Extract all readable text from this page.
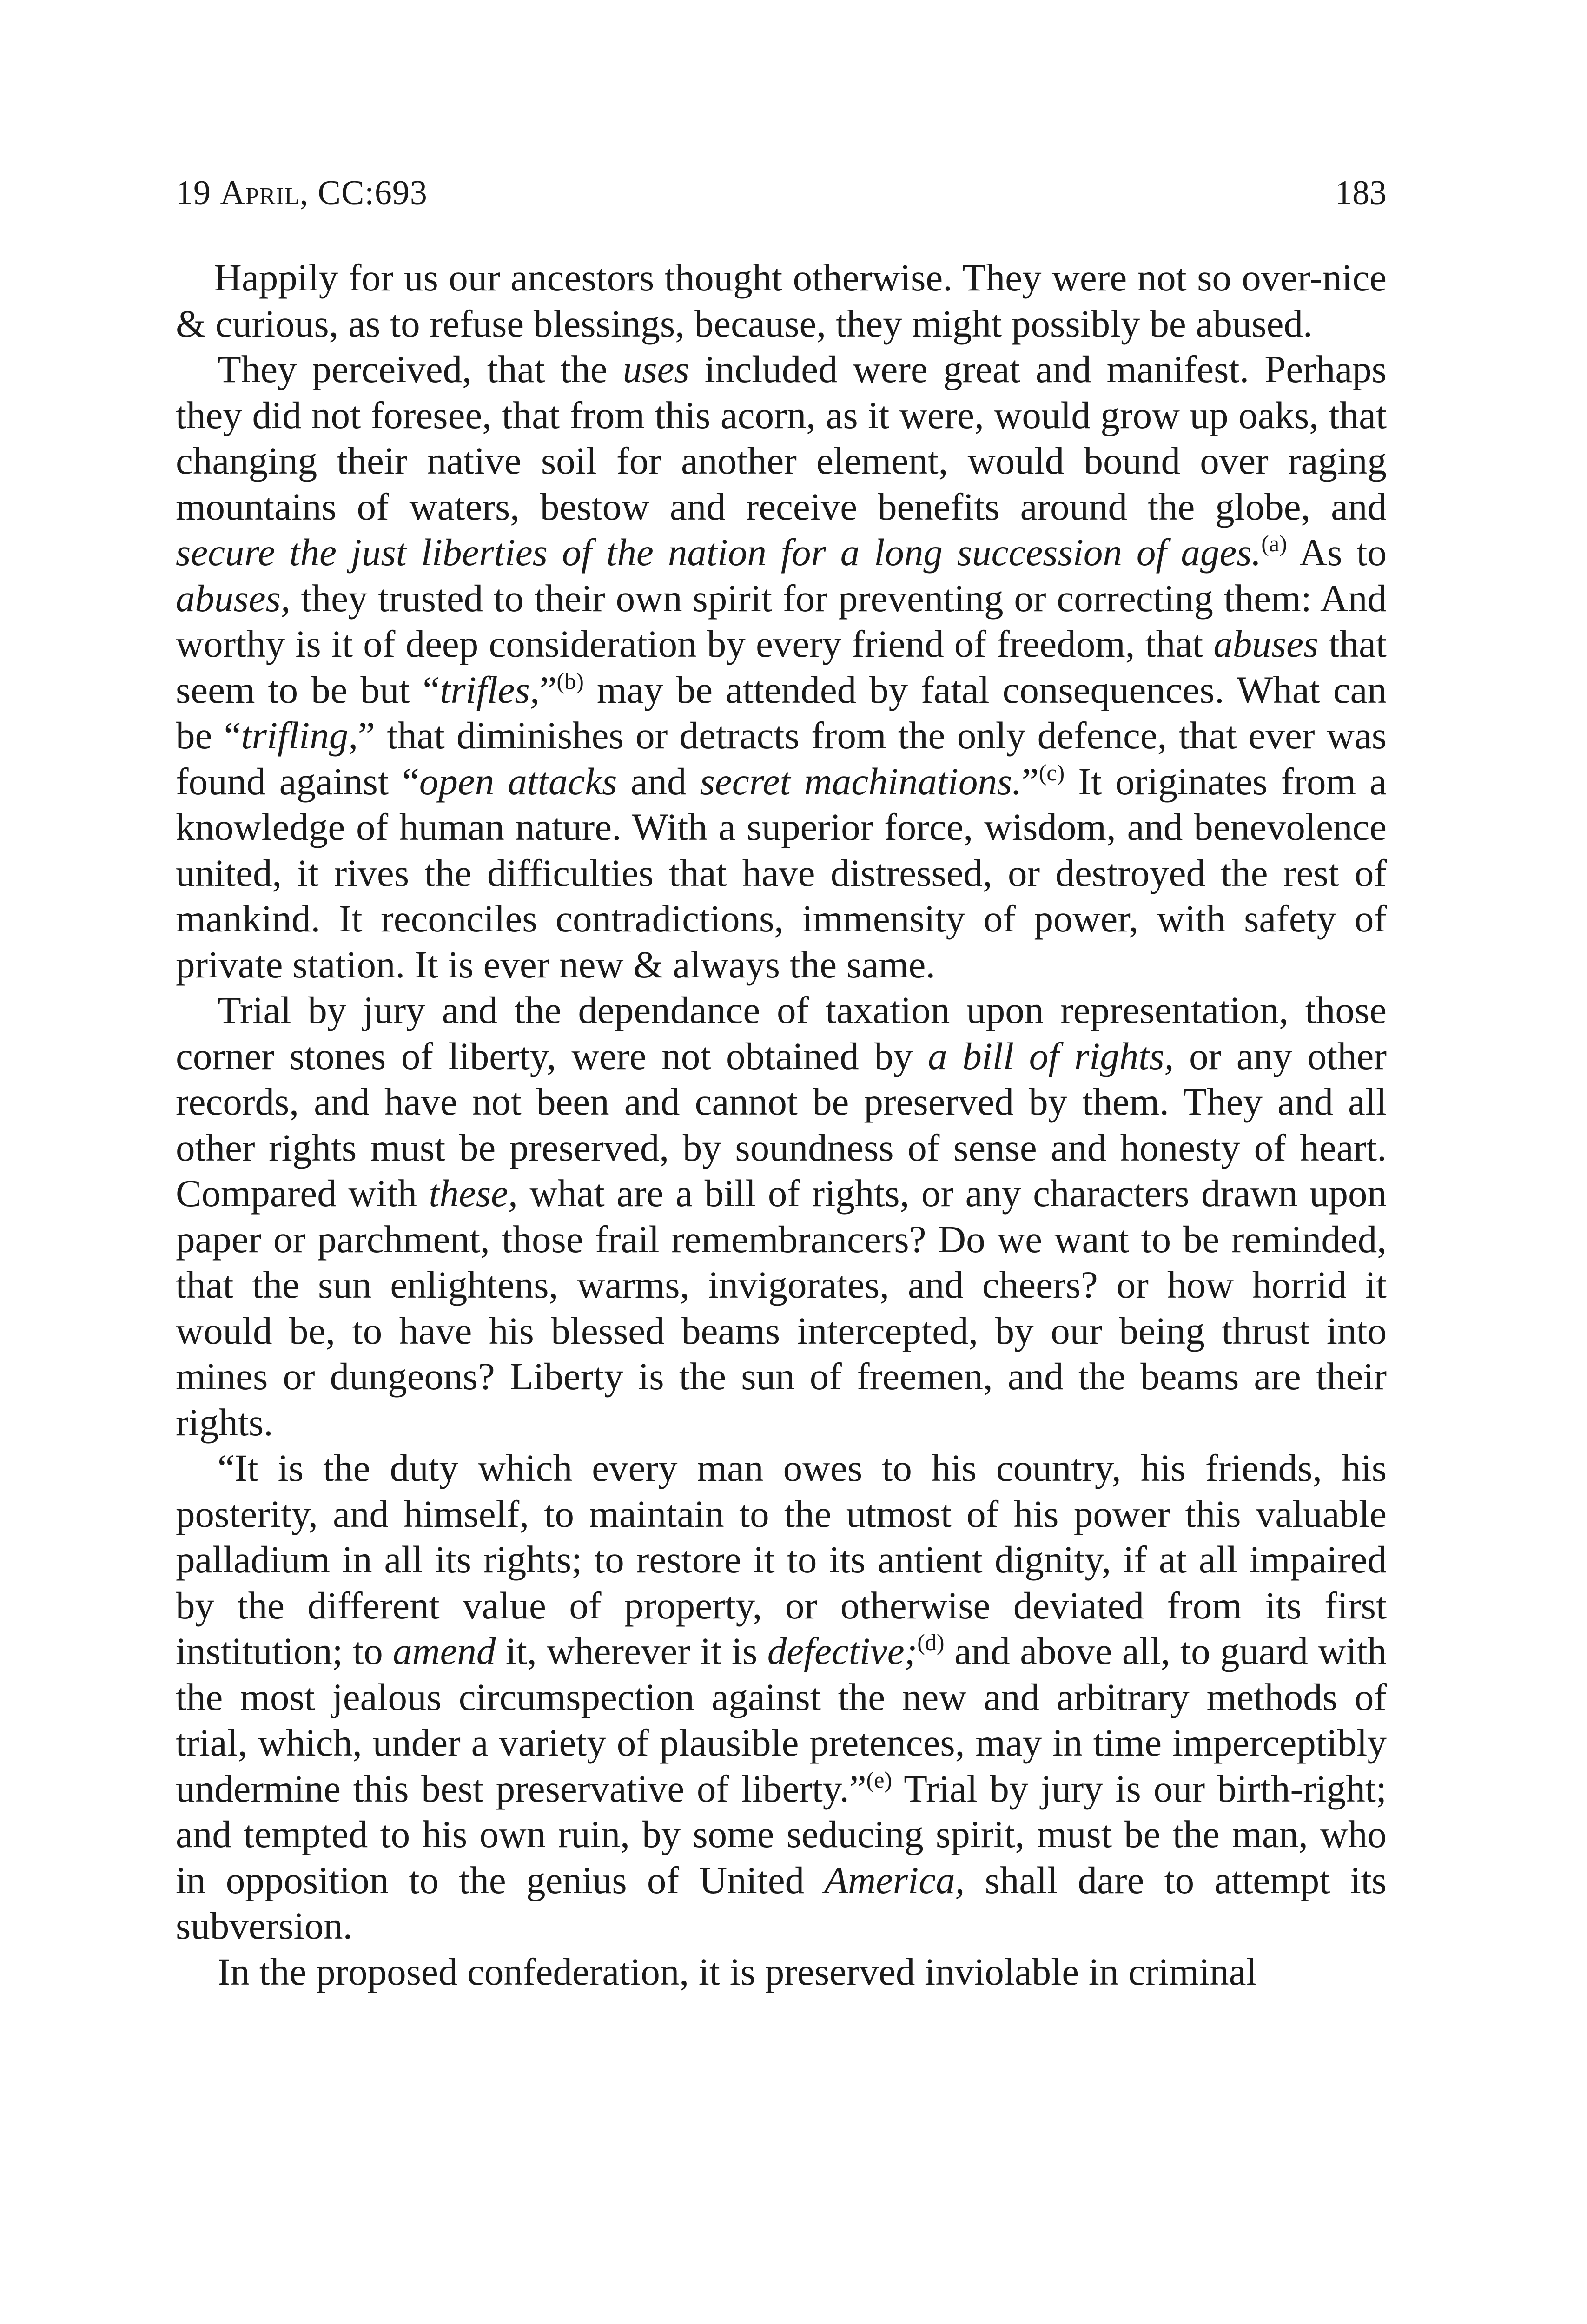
19 April, CC:693	183

Happily for us our ancestors thought otherwise. They were not so over-nice & curious, as to refuse blessings, because, they might possibly be abused.

They perceived, that the uses included were great and manifest. Perhaps they did not foresee, that from this acorn, as it were, would grow up oaks, that changing their native soil for another element, would bound over raging mountains of waters, bestow and receive benefits around the globe, and secure the just liberties of the nation for a long succession of ages.$^{(a)}$ As to abuses, they trusted to their own spirit for preventing or correcting them: And worthy is it of deep consideration by every friend of freedom, that abuses that seem to be but “trifles,”$^{(b)}$ may be attended by fatal consequences. What can be “trifling,” that diminishes or detracts from the only defence, that ever was found against “open attacks and secret machinations.”$^{(c)}$ It originates from a knowledge of human nature. With a superior force, wisdom, and benevolence united, it rives the difficulties that have distressed, or destroyed the rest of mankind. It reconciles contradictions, immensity of power, with safety of private station. It is ever new & always the same.

Trial by jury and the dependance of taxation upon representation, those corner stones of liberty, were not obtained by a bill of rights, or any other records, and have not been and cannot be preserved by them. They and all other rights must be preserved, by soundness of sense and honesty of heart. Compared with these, what are a bill of rights, or any characters drawn upon paper or parchment, those frail remembrancers? Do we want to be reminded, that the sun enlightens, warms, invigorates, and cheers? or how horrid it would be, to have his blessed beams intercepted, by our being thrust into mines or dungeons? Liberty is the sun of freemen, and the beams are their rights.

“It is the duty which every man owes to his country, his friends, his posterity, and himself, to maintain to the utmost of his power this valuable palladium in all its rights; to restore it to its antient dignity, if at all impaired by the different value of property, or otherwise deviated from its first institution; to amend it, wherever it is defective;$^{(d)}$ and above all, to guard with the most jealous circumspection against the new and arbitrary methods of trial, which, under a variety of plausible pretences, may in time imperceptibly undermine this best preservative of liberty.”$^{(e)}$ Trial by jury is our birth-right; and tempted to his own ruin, by some seducing spirit, must be the man, who in opposition to the genius of United America, shall dare to attempt its subversion.

In the proposed confederation, it is preserved inviolable in criminal
